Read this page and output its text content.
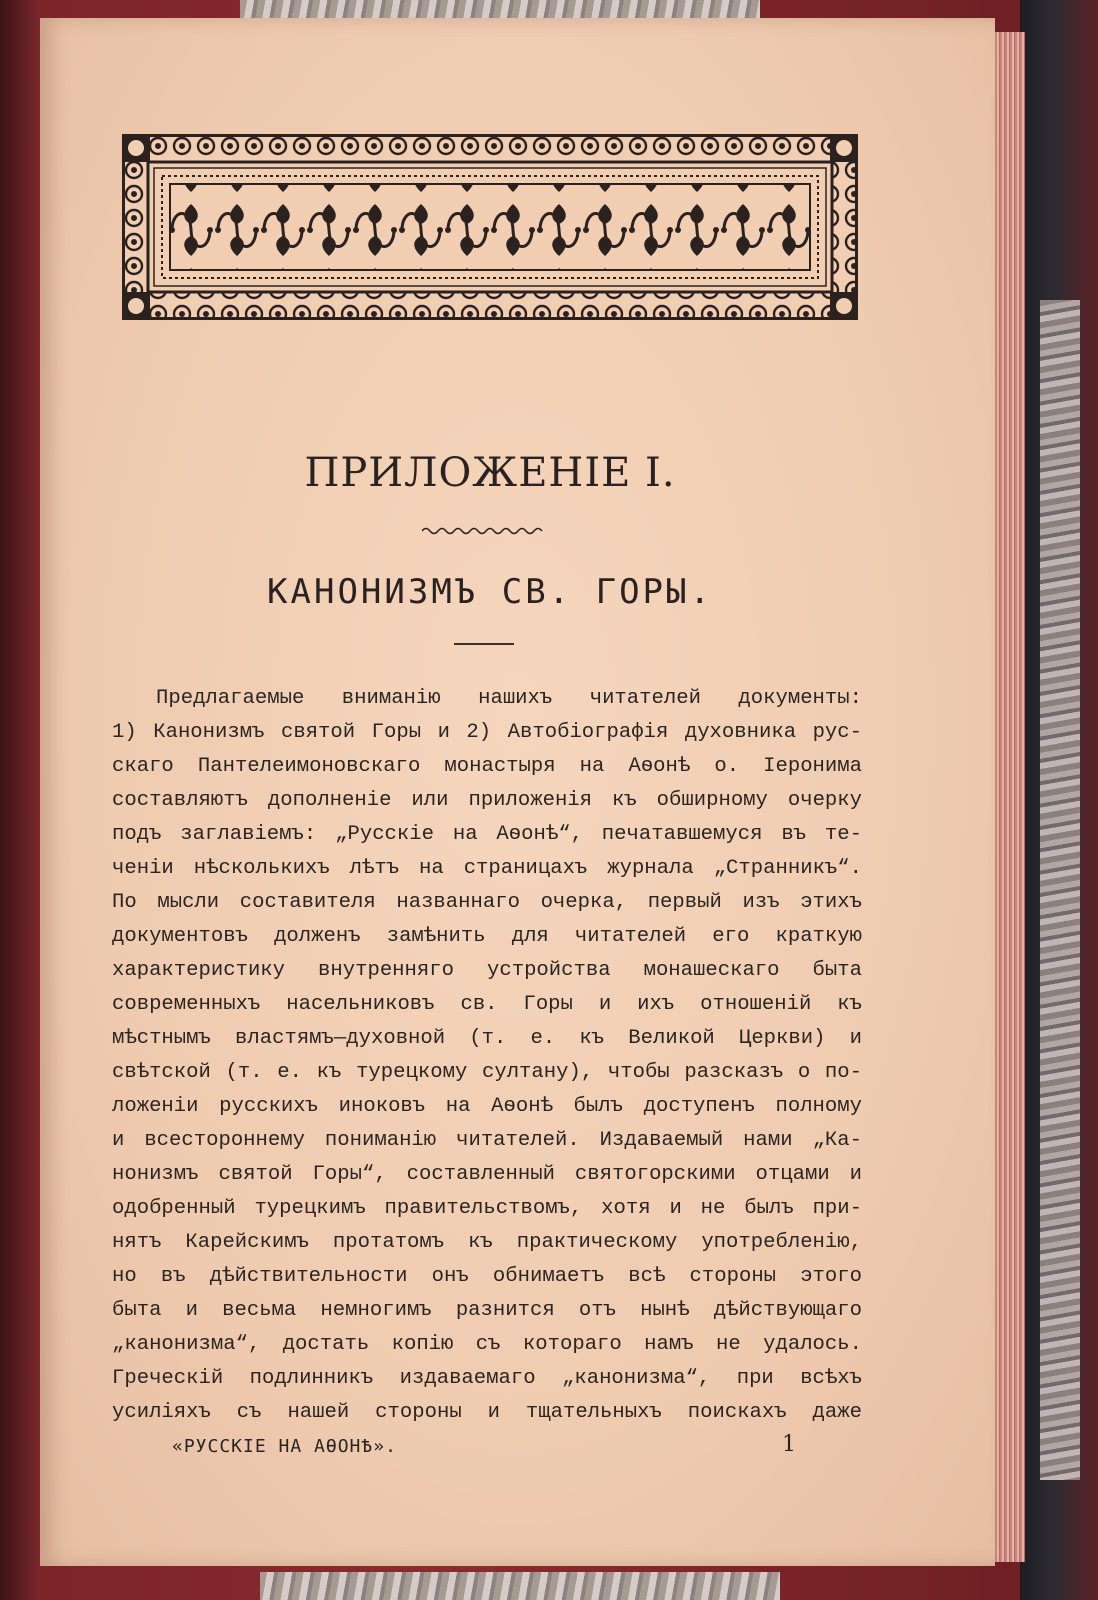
ПРИЛОЖЕНІЕ I.
КАНОНИЗМЪ СВ. ГОРЫ.
Предлагаемые вниманію нашихъ читателей документы:
1) Канонизмъ святой Горы и 2) Автобіографія духовника рус-
скаго Пантелеимоновскаго монастыря на Аѳонѣ о. Іеронима
составляютъ дополненіе или приложенія къ обширному очерку
подъ заглавіемъ: „Русскіе на Аѳонѣ“, печатавшемуся въ те-
ченіи нѣсколькихъ лѣтъ на страницахъ журнала „Странникъ“.
По мысли составителя названнаго очерка, первый изъ этихъ
документовъ долженъ замѣнить для читателей его краткую
характеристику внутренняго устройства монашескаго быта
современныхъ насельниковъ св. Горы и ихъ отношеній къ
мѣстнымъ властямъ—духовной (т. е. къ Великой Церкви) и
свѣтской (т. е. къ турецкому султану), чтобы разсказъ о по-
ложеніи русскихъ иноковъ на Аѳонѣ былъ доступенъ полному
и всестороннему пониманію читателей. Издаваемый нами „Ка-
нонизмъ святой Горы“, составленный святогорскими отцами и
одобренный турецкимъ правительствомъ, хотя и не былъ при-
нятъ Карейскимъ протатомъ къ практическому употребленію,
но въ дѣйствительности онъ обнимаетъ всѣ стороны этого
быта и весьма немногимъ разнится отъ нынѣ дѣйствующаго
„канонизма“, достать копію съ котораго намъ не удалось.
Греческій подлинникъ издаваемаго „канонизма“, при всѣхъ
усиліяхъ съ нашей стороны и тщательныхъ поискахъ даже
«РУССКІЕ НА АѲОНѢ».	1
